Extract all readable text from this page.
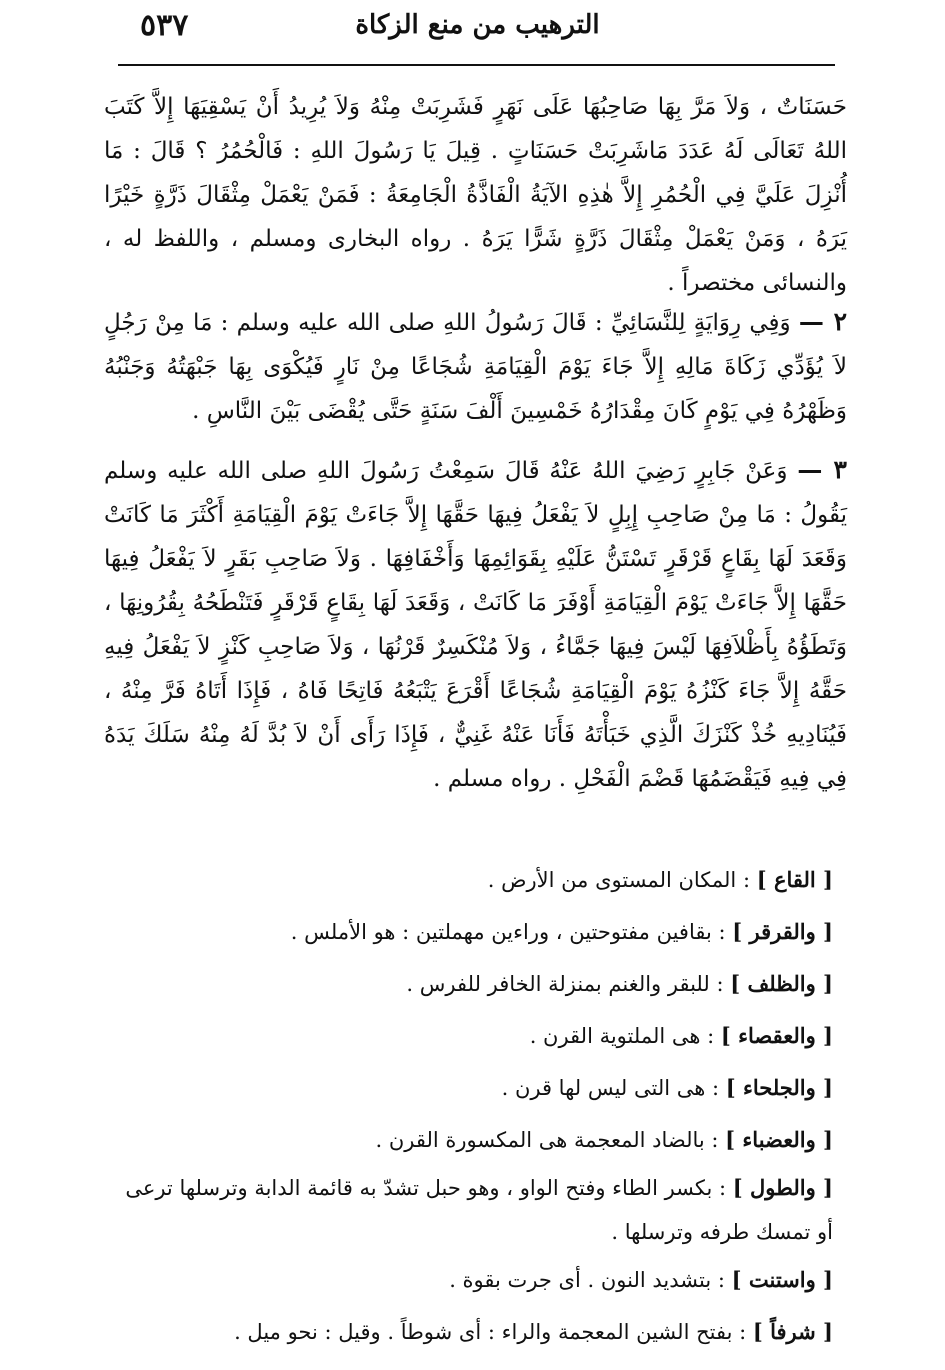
٥٣٧	الترهيب من منع الزكاة
حَسَنَاتٌ ، وَلاَ مَرَّ بِهَا صَاحِبُهَا عَلَى نَهَرٍ فَشَرِبَتْ مِنْهُ وَلاَ يُرِيدُ أَنْ يَسْقِيَهَا إِلاَّ كَتَبَ اللهُ تَعَالَى لَهُ عَدَدَ مَاشَرِبَتْ حَسَنَاتٍ . قِيلَ يَا رَسُولَ اللهِ : فَالْحُمُرُ ؟ قَالَ : مَا أُنْزِلَ عَلَيَّ فِي الْحُمُرِ إِلاَّ هٰذِهِ الآيَةُ الْفَاذَّةُ الْجَامِعَةُ : فَمَنْ يَعْمَلْ مِثْقَالَ ذَرَّةٍ خَيْرًا يَرَهُ ، وَمَنْ يَعْمَلْ مِثْقَالَ ذَرَّةٍ شَرًّا يَرَهُ . رواه البخارى ومسلم ، واللفظ له ، والنسائى مختصراً .
٢ — وَفِي رِوَايَةٍ لِلنَّسَائِيِّ : قَالَ رَسُولُ اللهِ صلى الله عليه وسلم : مَا مِنْ رَجُلٍ لاَ يُؤَدِّي زَكَاةَ مَالِهِ إِلاَّ جَاءَ يَوْمَ الْقِيَامَةِ شُجَاعًا مِنْ نَارٍ فَيُكْوَى بِهَا جَبْهَتُهُ وَجَنْبُهُ وَظَهْرُهُ فِي يَوْمٍ كَانَ مِقْدَارُهُ خَمْسِينَ أَلْفَ سَنَةٍ حَتَّى يُقْضَى بَيْنَ النَّاسِ .
٣ — وَعَنْ جَابِرٍ رَضِيَ اللهُ عَنْهُ قَالَ سَمِعْتُ رَسُولَ اللهِ صلى الله عليه وسلم يَقُولُ : مَا مِنْ صَاحِبِ إِبِلٍ لاَ يَفْعَلُ فِيهَا حَقَّهَا إِلاَّ جَاءَتْ يَوْمَ الْقِيَامَةِ أَكْثَرَ مَا كَانَتْ وَقَعَدَ لَهَا بِقَاعٍ قَرْقَرٍ تَسْتَنُّ عَلَيْهِ بِقَوَائِمِهَا وَأَخْفَافِهَا . وَلاَ صَاحِبِ بَقَرٍ لاَ يَفْعَلُ فِيهَا حَقَّهَا إِلاَّ جَاءَتْ يَوْمَ الْقِيَامَةِ أَوْفَرَ مَا كَانَتْ ، وَقَعَدَ لَهَا بِقَاعٍ قَرْقَرٍ فَتَنْطَحُهُ بِقُرُونِهَا ، وَتَطَؤُهُ بِأَظْلاَفِهَا لَيْسَ فِيهَا جَمَّاءُ ، وَلاَ مُنْكَسِرٌ قَرْنُهَا ، وَلاَ صَاحِبِ كَنْزٍ لاَ يَفْعَلُ فِيهِ حَقَّهُ إِلاَّ جَاءَ كَنْزُهُ يَوْمَ الْقِيَامَةِ شُجَاعًا أَقْرَعَ يَتْبَعُهُ فَاتِحًا فَاهُ ، فَإِذَا أَتَاهُ فَرَّ مِنْهُ ، فَيُنَادِيهِ خُذْ كَنْزَكَ الَّذِي خَبَأْتَهُ فَأَنَا عَنْهُ غَنِيٌّ ، فَإِذَا رَأَى أَنْ لاَ بُدَّ لَهُ مِنْهُ سَلَكَ يَدَهُ فِي فِيهِ فَيَقْضَمُهَا قَضْمَ الْفَحْلِ . رواه مسلم .
[ القاع ] : المكان المستوى من الأرض .
[ والقرقر ] : بقافين مفتوحتين ، وراءين مهملتين : هو الأملس .
[ والظلف ] : للبقر والغنم بمنزلة الخافر للفرس .
[ والعقصاء ] : هى الملتوية القرن .
[ والجلحاء ] : هى التى ليس لها قرن .
[ والعضباء ] : بالضاد المعجمة هى المكسورة القرن .
[ والطول ] : بكسر الطاء وفتح الواو ، وهو حبل تشدّ به قائمة الدابة وترسلها ترعى أو تمسك طرفه وترسلها .
[ واستنت ] : بتشديد النون . أى جرت بقوة .
[ شرفاً ] : بفتح الشين المعجمة والراء : أى شوطاً . وقيل : نحو ميل .
